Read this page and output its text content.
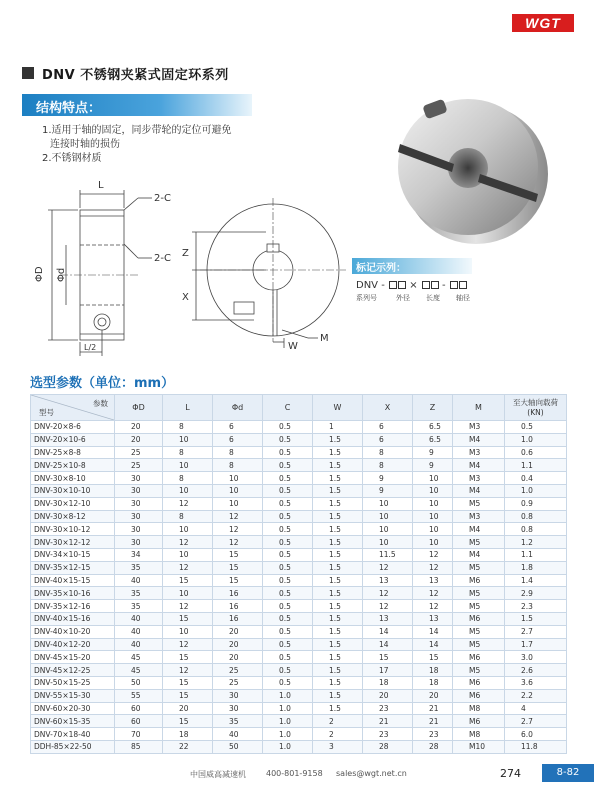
WGT
DNV 不锈钢夹紧式固定环系列
结构特点：
1.适用于轴的固定，同步带轮的定位可避免
连接时轴的损伤
2.不锈钢材质
L
2-C
2-C
ΦD Φd
L/2
Z
X
W
M
标记示列：
DNV - × -
系列号	外径 长度 轴径
选型参数（单位：mm）
参数
型号	ΦD	L	Φd	C	W	X	Z	M	至大轴向载荷 (KN)
DNV-20×8-6	20	8	6	0.5	1	6	6.5	M3	0.5
DNV-20×10-6	20	10	6	0.5	1.5	6	6.5	M4	1.0
DNV-25×8-8	25	8	8	0.5	1.5	8	9	M3	0.6
DNV-25×10-8	25	10	8	0.5	1.5	8	9	M4	1.1
DNV-30×8-10	30	8	10	0.5	1.5	9	10	M3	0.4
DNV-30×10-10	30	10	10	0.5	1.5	9	10	M4	1.0
DNV-30×12-10	30	12	10	0.5	1.5	10	10	M5	0.9
DNV-30×8-12	30	8	12	0.5	1.5	10	10	M3	0.8
DNV-30×10-12	30	10	12	0.5	1.5	10	10	M4	0.8
DNV-30×12-12	30	12	12	0.5	1.5	10	10	M5	1.2
DNV-34×10-15	34	10	15	0.5	1.5	11.5	12	M4	1.1
DNV-35×12-15	35	12	15	0.5	1.5	12	12	M5	1.8
DNV-40×15-15	40	15	15	0.5	1.5	13	13	M6	1.4
DNV-35×10-16	35	10	16	0.5	1.5	12	12	M5	2.9
DNV-35×12-16	35	12	16	0.5	1.5	12	12	M5	2.3
DNV-40×15-16	40	15	16	0.5	1.5	13	13	M6	1.5
DNV-40×10-20	40	10	20	0.5	1.5	14	14	M5	2.7
DNV-40×12-20	40	12	20	0.5	1.5	14	14	M5	1.7
DNV-45×15-20	45	15	20	0.5	1.5	15	15	M6	3.0
DNV-45×12-25	45	12	25	0.5	1.5	17	18	M5	2.6
DNV-50×15-25	50	15	25	0.5	1.5	18	18	M6	3.6
DNV-55×15-30	55	15	30	1.0	1.5	20	20	M6	2.2
DNV-60×20-30	60	20	30	1.0	1.5	23	21	M8	4
DNV-60×15-35	60	15	35	1.0	2	21	21	M6	2.7
DNV-70×18-40	70	18	40	1.0	2	23	23	M8	6.0
DDH-85×22-50	85	22	50	1.0	3	28	28	M10	11.8
中国威高减速机	400-801-9158 sales@wgt.net.cn	274	8-82
